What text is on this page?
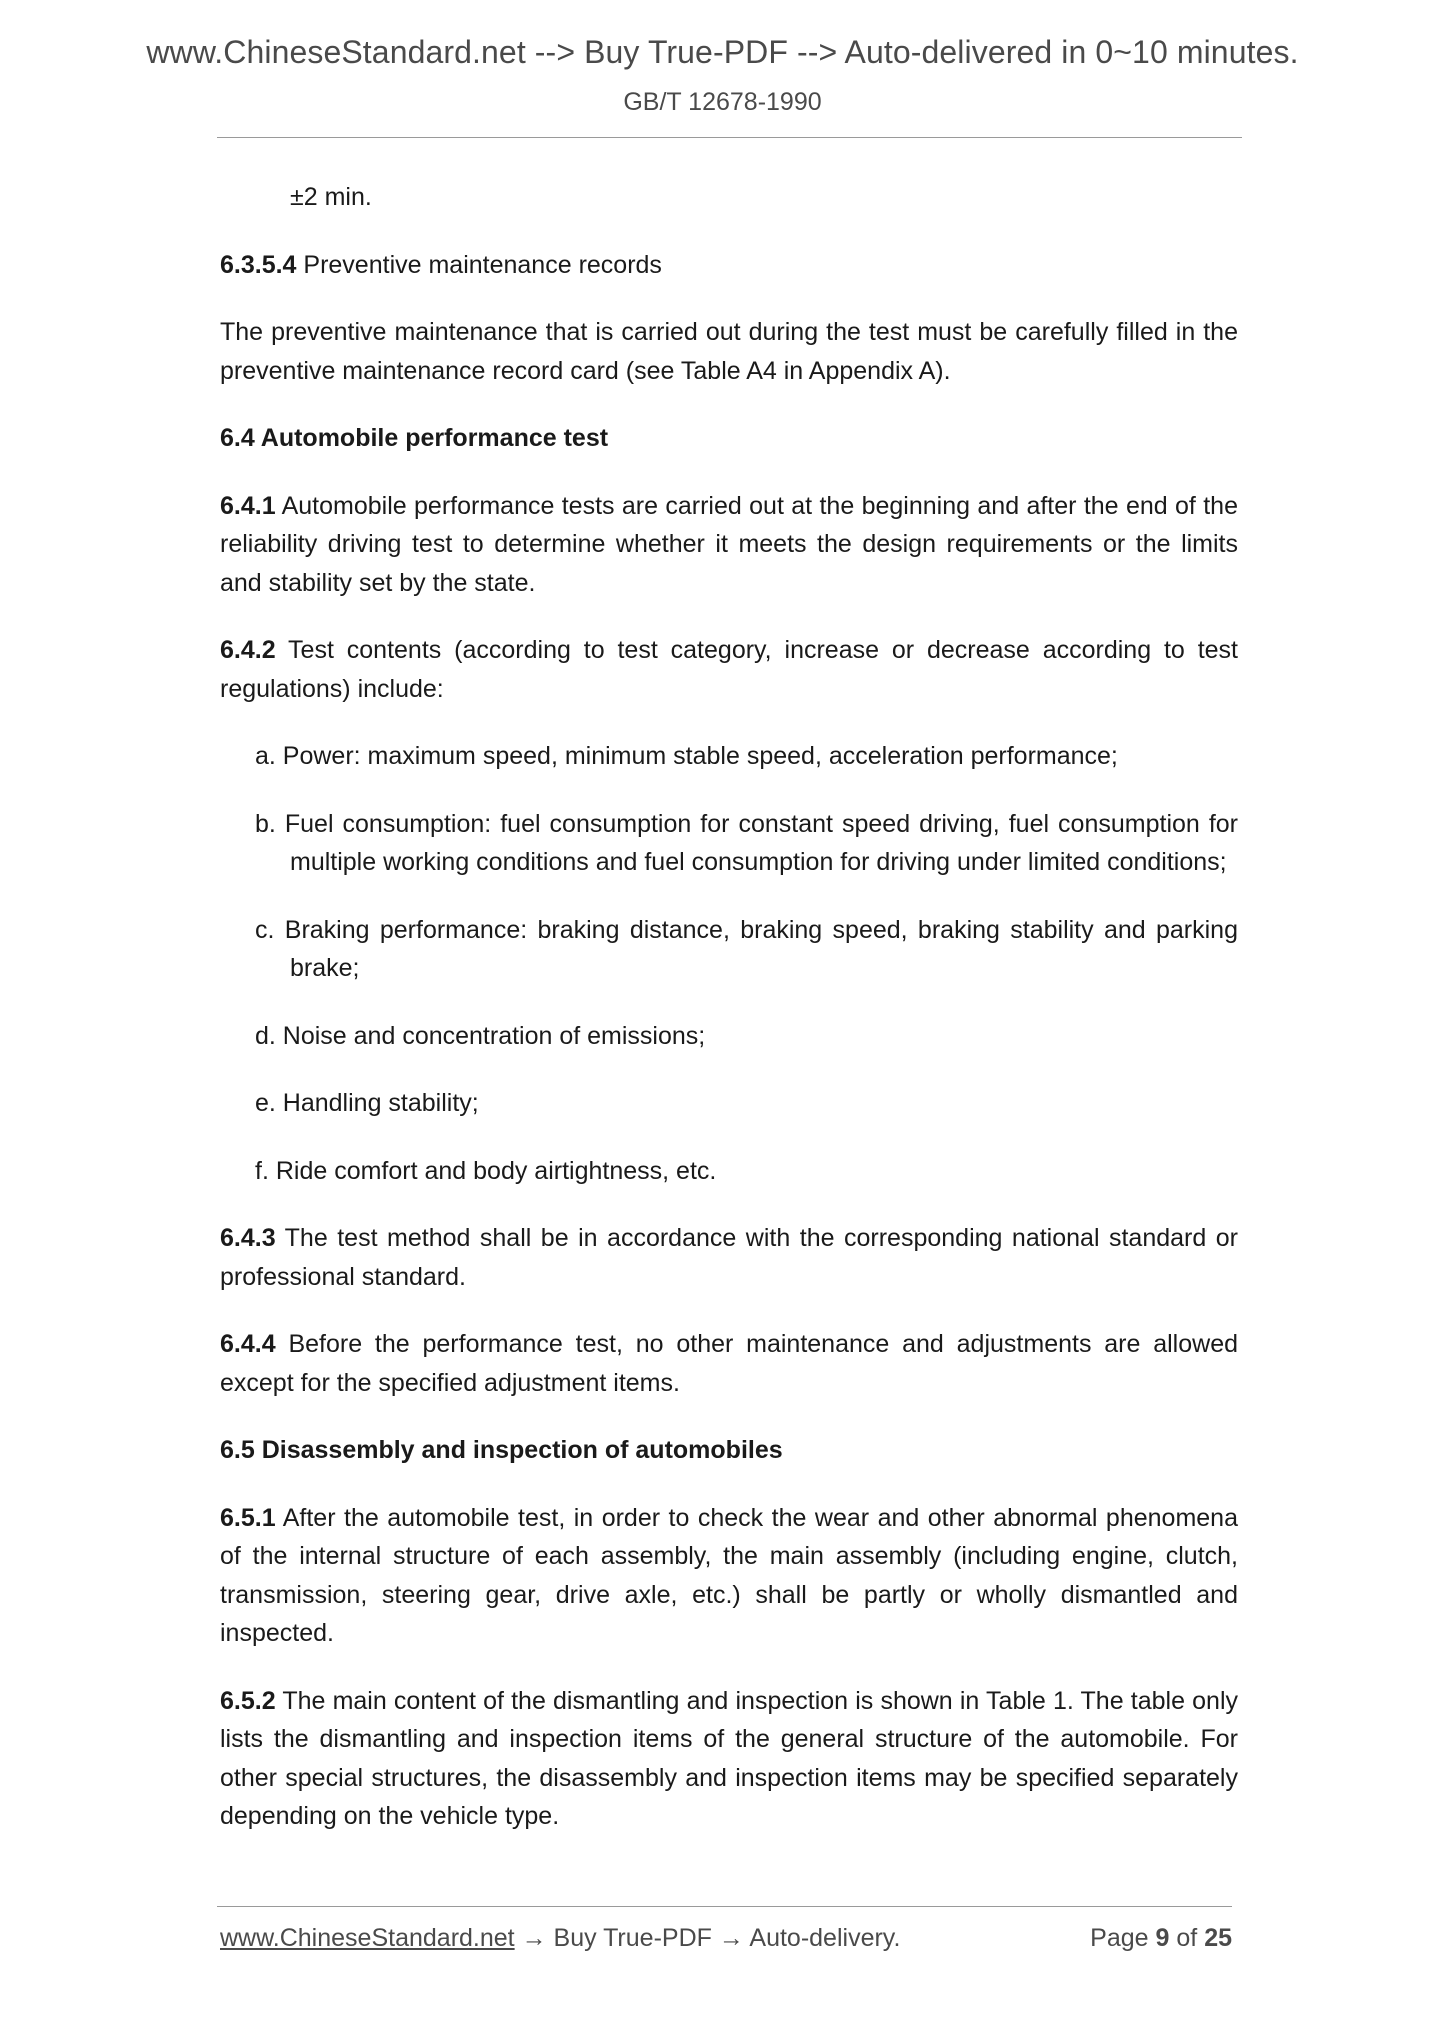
www.ChineseStandard.net --> Buy True-PDF --> Auto-delivered in 0~10 minutes.
GB/T 12678-1990

±2 min.

6.3.5.4 Preventive maintenance records

The preventive maintenance that is carried out during the test must be carefully filled in the preventive maintenance record card (see Table A4 in Appendix A).

6.4 Automobile performance test

6.4.1 Automobile performance tests are carried out at the beginning and after the end of the reliability driving test to determine whether it meets the design requirements or the limits and stability set by the state.

6.4.2 Test contents (according to test category, increase or decrease according to test regulations) include:

a. Power: maximum speed, minimum stable speed, acceleration performance;

b. Fuel consumption: fuel consumption for constant speed driving, fuel consumption for multiple working conditions and fuel consumption for driving under limited conditions;

c. Braking performance: braking distance, braking speed, braking stability and parking brake;

d. Noise and concentration of emissions;

e. Handling stability;

f. Ride comfort and body airtightness, etc.

6.4.3 The test method shall be in accordance with the corresponding national standard or professional standard.

6.4.4 Before the performance test, no other maintenance and adjustments are allowed except for the specified adjustment items.

6.5 Disassembly and inspection of automobiles

6.5.1 After the automobile test, in order to check the wear and other abnormal phenomena of the internal structure of each assembly, the main assembly (including engine, clutch, transmission, steering gear, drive axle, etc.) shall be partly or wholly dismantled and inspected.

6.5.2 The main content of the dismantling and inspection is shown in Table 1. The table only lists the dismantling and inspection items of the general structure of the automobile. For other special structures, the disassembly and inspection items may be specified separately depending on the vehicle type.

www.ChineseStandard.net → Buy True-PDF → Auto-delivery.	Page 9 of 25
